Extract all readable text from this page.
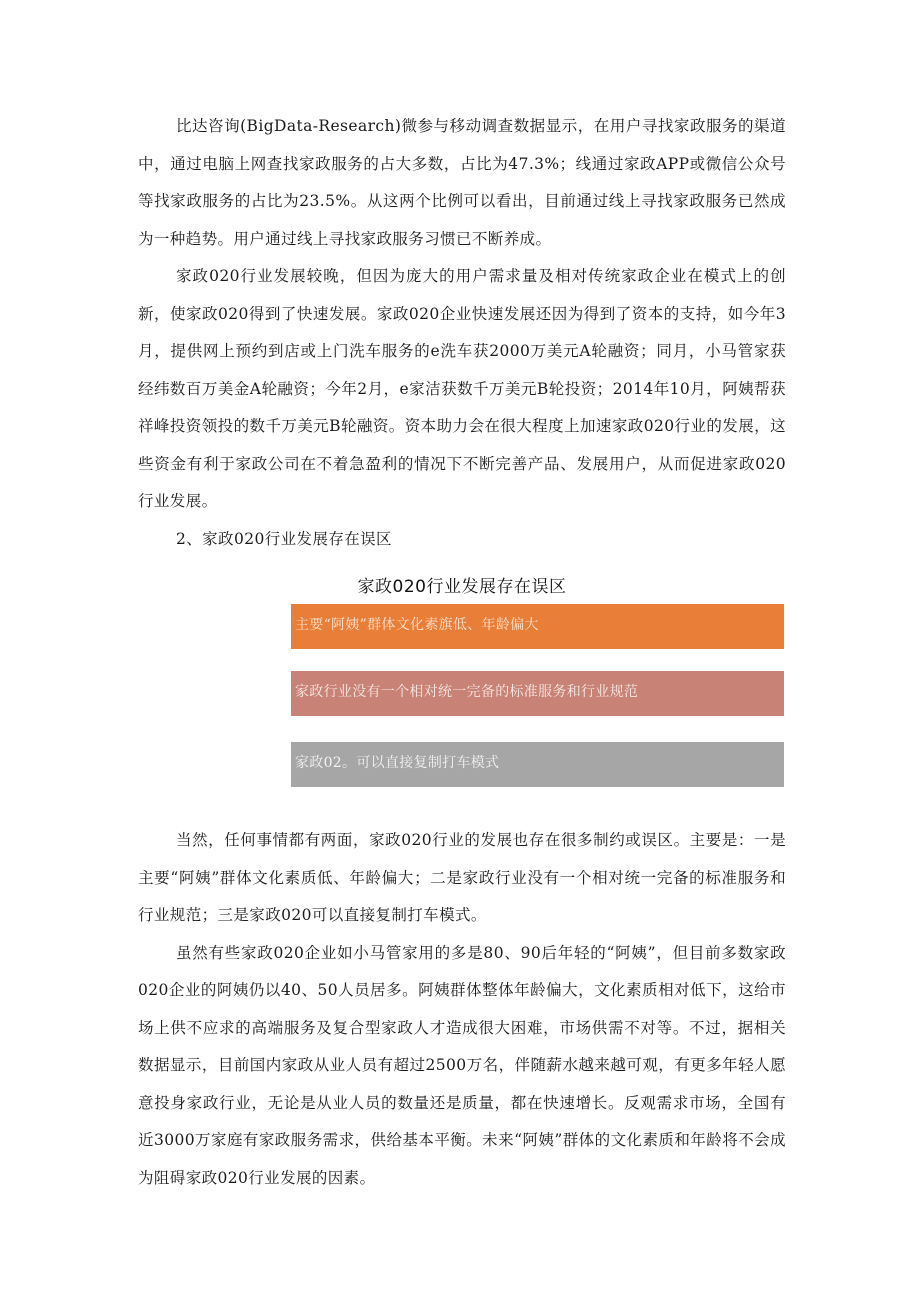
比达咨询(BigData-Research)微参与移动调查数据显示，在用户寻找家政服务的渠道中，通过电脑上网查找家政服务的占大多数，占比为47.3%；线通过家政APP或微信公众号等找家政服务的占比为23.5%。从这两个比例可以看出，目前通过线上寻找家政服务已然成为一种趋势。用户通过线上寻找家政服务习惯已不断养成。

家政020行业发展较晚，但因为庞大的用户需求量及相对传统家政企业在模式上的创新，使家政020得到了快速发展。家政020企业快速发展还因为得到了资本的支持，如今年3月，提供网上预约到店或上门洗车服务的e洗车获2000万美元A轮融资；同月，小马管家获经纬数百万美金A轮融资；今年2月，e家洁获数千万美元B轮投资；2014年10月，阿姨帮获祥峰投资领投的数千万美元B轮融资。资本助力会在很大程度上加速家政020行业的发展，这些资金有利于家政公司在不着急盈利的情况下不断完善产品、发展用户，从而促进家政020行业发展。

2、家政020行业发展存在误区

家政020行业发展存在误区
主要“阿姨”群体文化素旗低、年龄偏大
家政行业没有一个相对统一完备的标准服务和行业规范
家政02。可以直接复制打车模式

当然，任何事情都有两面，家政020行业的发展也存在很多制约或误区。主要是：一是主要“阿姨”群体文化素质低、年龄偏大；二是家政行业没有一个相对统一完备的标准服务和行业规范；三是家政020可以直接复制打车模式。

虽然有些家政020企业如小马管家用的多是80、90后年轻的“阿姨”，但目前多数家政020企业的阿姨仍以40、50人员居多。阿姨群体整体年龄偏大，文化素质相对低下，这给市场上供不应求的高端服务及复合型家政人才造成很大困难，市场供需不对等。不过，据相关数据显示，目前国内家政从业人员有超过2500万名，伴随薪水越来越可观，有更多年轻人愿意投身家政行业，无论是从业人员的数量还是质量，都在快速增长。反观需求市场，全国有近3000万家庭有家政服务需求，供给基本平衡。未来“阿姨”群体的文化素质和年龄将不会成为阻碍家政020行业发展的因素。
